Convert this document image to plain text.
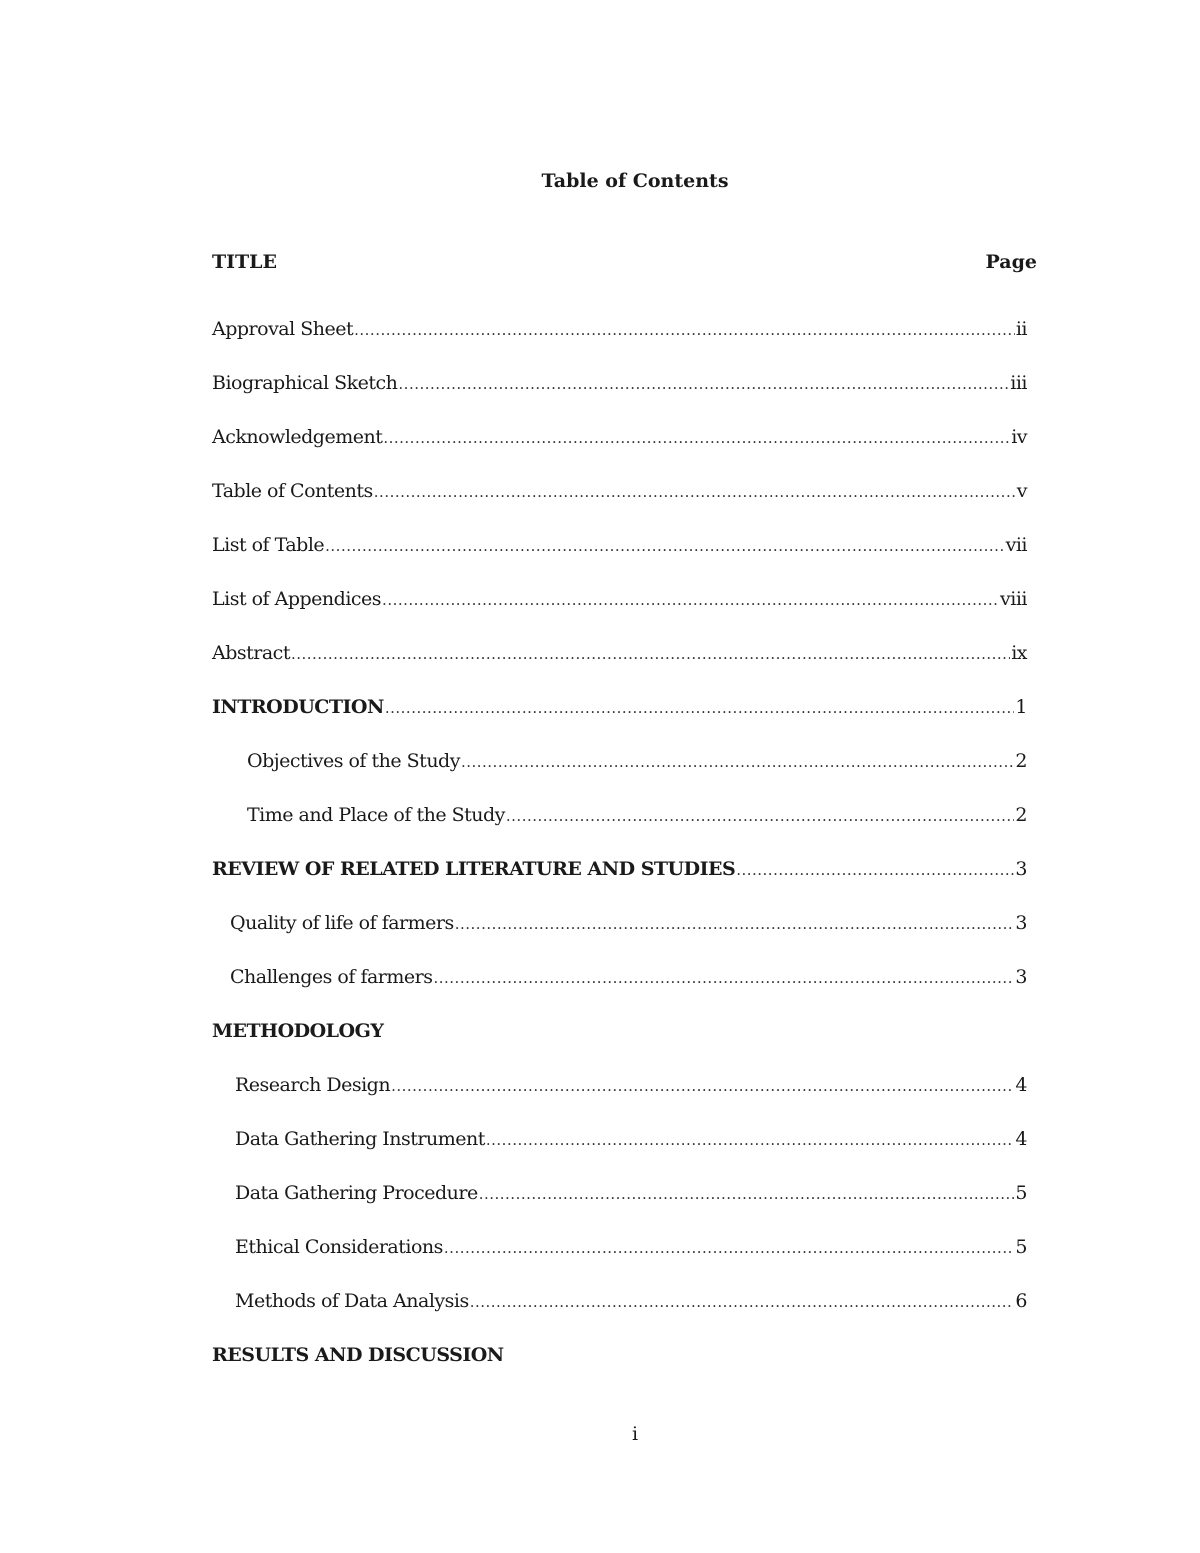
Table of Contents
TITLE	Page
Approval Sheet .....	ii
Biographical Sketch .....	iii
Acknowledgement .....	iv
Table of Contents .....	v
List of Table .....	vii
List of Appendices .....	viii
Abstract .....	ix
INTRODUCTION .....	1
Objectives of the Study .....	2
Time and Place of the Study .....	2
REVIEW OF RELATED LITERATURE AND STUDIES .....	3
Quality of life of farmers .....	3
Challenges of farmers .....	3
METHODOLOGY
Research Design .....	4
Data Gathering Instrument .....	4
Data Gathering Procedure .....	5
Ethical Considerations .....	5
Methods of Data Analysis .....	6
RESULTS AND DISCUSSION
i
